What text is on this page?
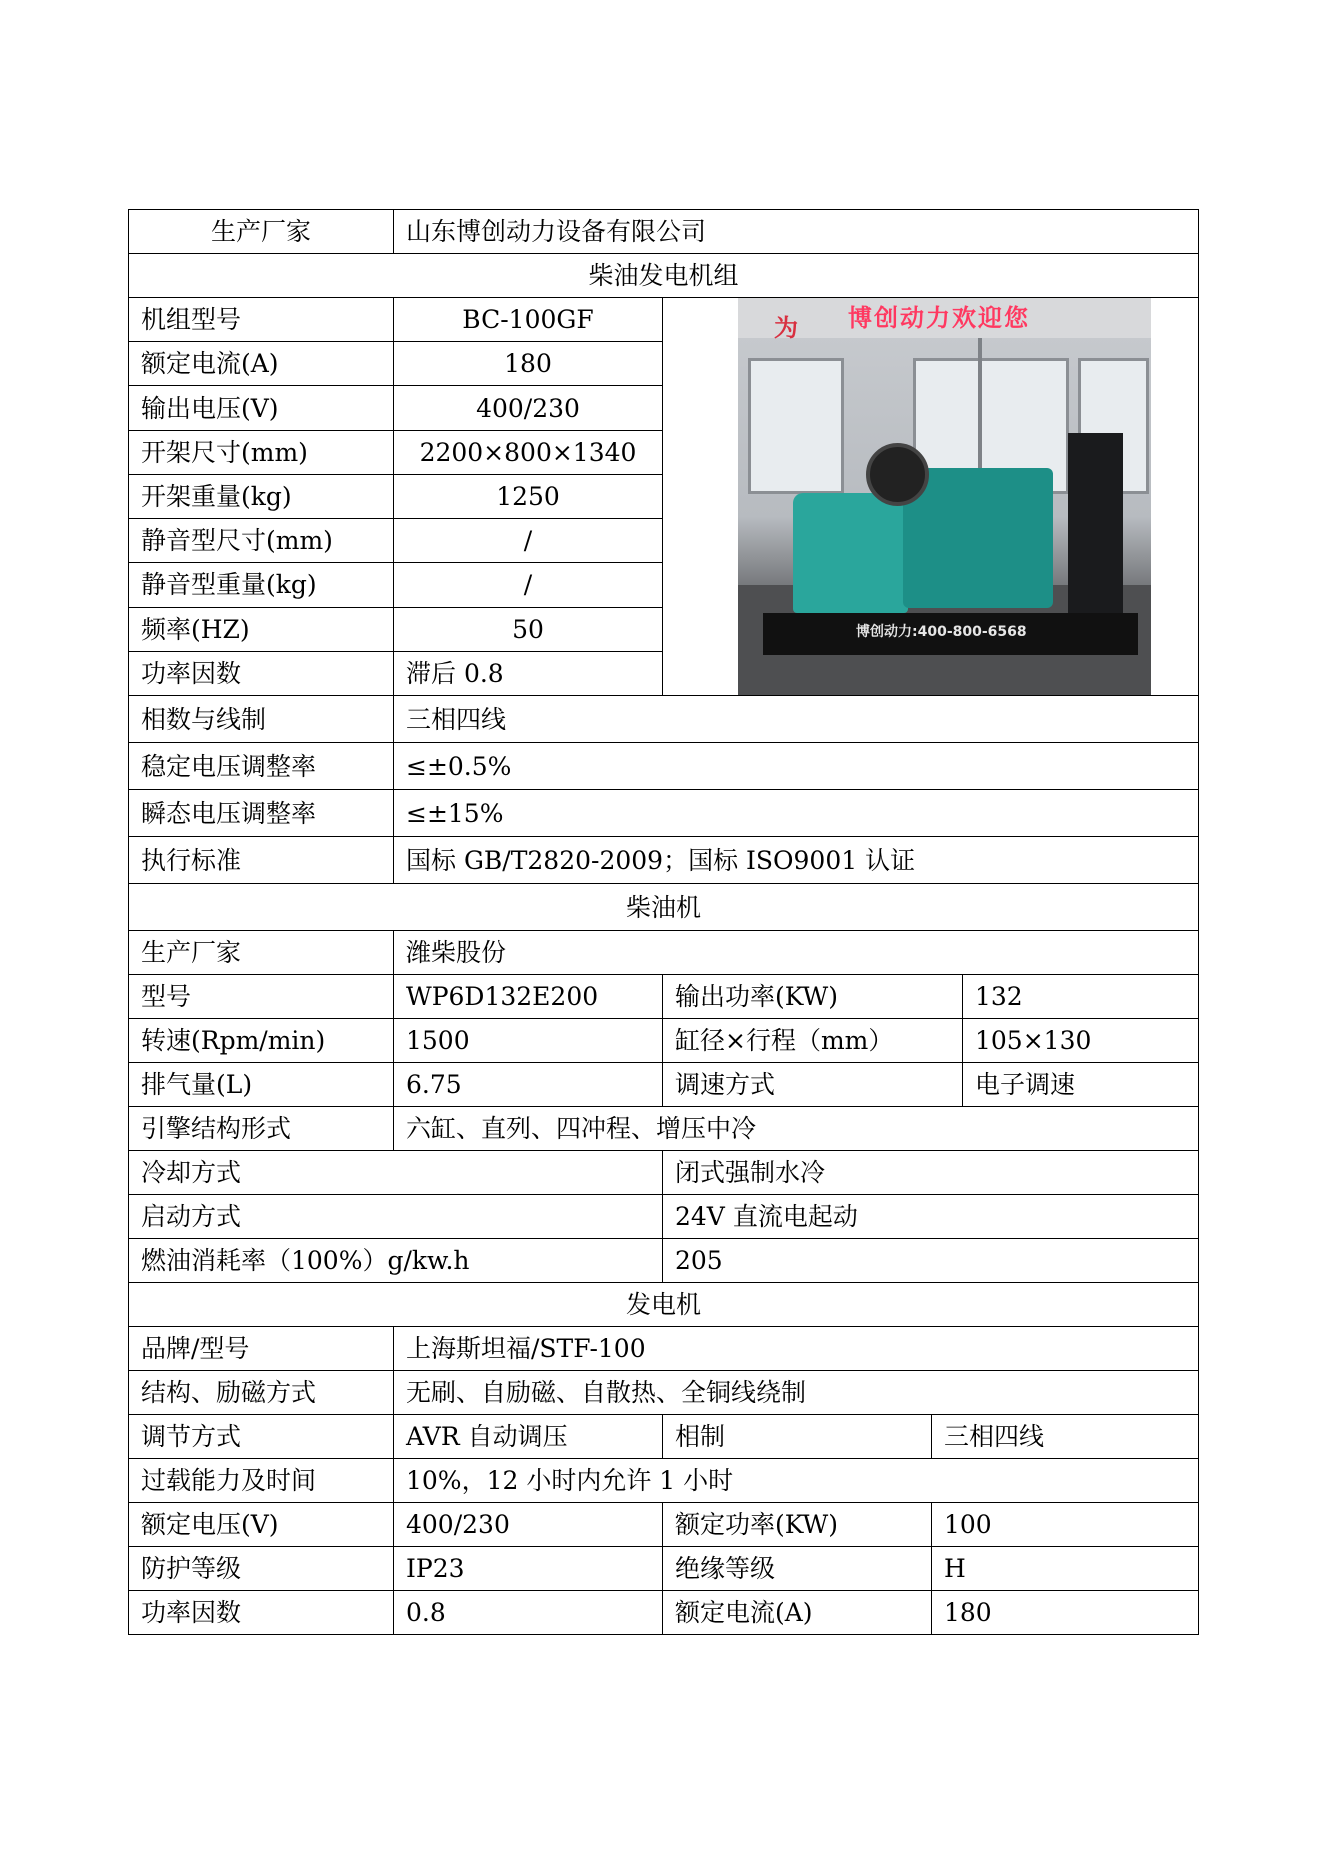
生产厂家	山东博创动力设备有限公司			
柴油发电机组				
机组型号	BC-100GF	为 博创动力欢迎您
博创动力:400-800-6568		

额定电流(A)	180			
输出电压(V)	400/230			
开架尺寸(mm)	2200×800×1340			
开架重量(kg)	1250			
静音型尺寸(mm)	/			
静音型重量(kg)	/			
频率(HZ)	50			
功率因数	滞后 0.8			
相数与线制	三相四线			
稳定电压调整率	≤±0.5%			
瞬态电压调整率	≤±15%			
执行标准	国标 GB/T2820-2009；国标 ISO9001 认证			
柴油机				
生产厂家	潍柴股份			
型号	WP6D132E200	输出功率(KW)		132
转速(Rpm/min)	1500	缸径×行程（mm）		105×130
排气量(L)	6.75	调速方式		电子调速
引擎结构形式	六缸、直列、四冲程、增压中冷			
冷却方式		闭式强制水冷		
启动方式		24V 直流电起动		
燃油消耗率（100%）g/kw.h		205		
发电机				
品牌/型号	上海斯坦福/STF-100			
结构、励磁方式	无刷、自励磁、自散热、全铜线绕制			
调节方式	AVR 自动调压	相制	三相四线	
过载能力及时间	10%，12 小时内允许 1 小时			
额定电压(V)	400/230	额定功率(KW)	100	
防护等级	IP23	绝缘等级	H	
功率因数	0.8	额定电流(A)	180	
